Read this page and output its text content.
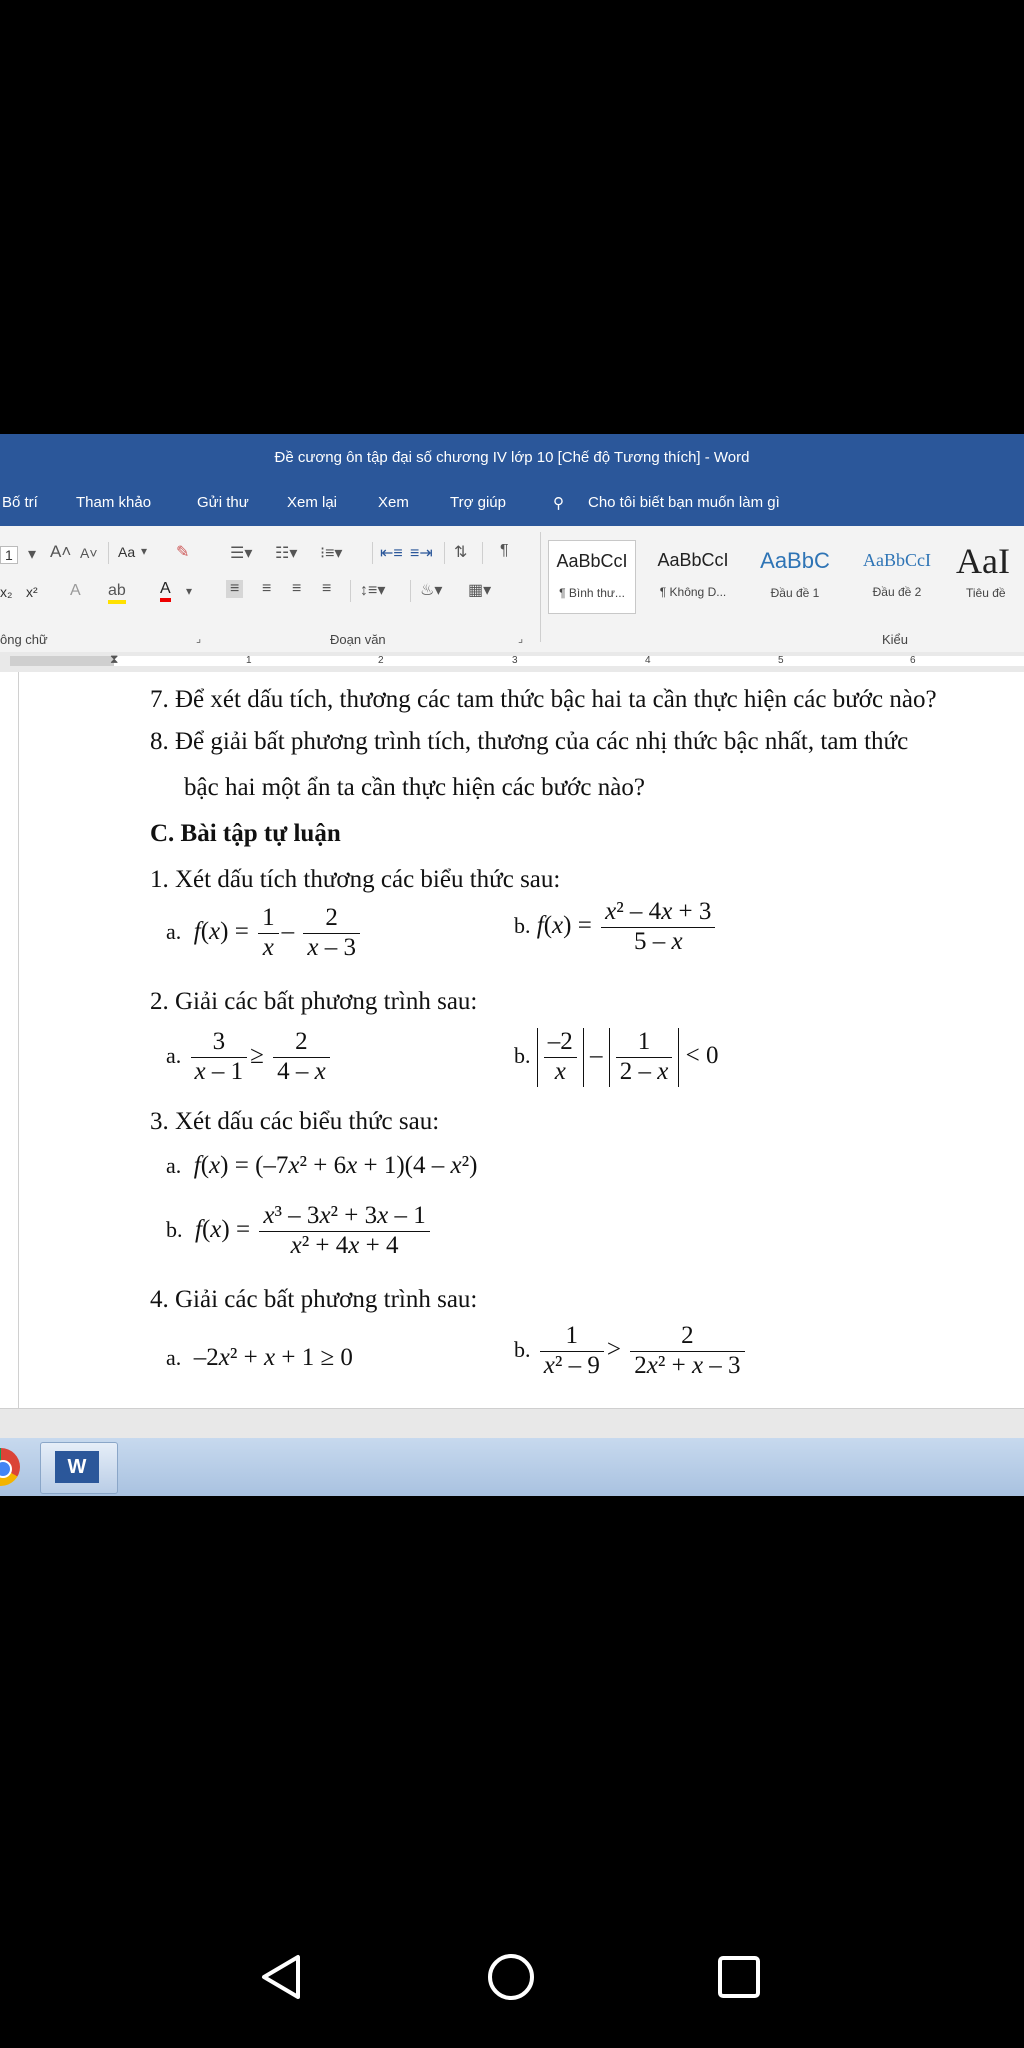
Đề cương ôn tập đại số chương IV lớp 10 [Chế độ Tương thích] - Word
Bố trí	Tham khảo	Gửi thư	Xem lại	Xem	Trợ giúp	⚲ Cho tôi biết bạn muốn làm gì
1 ▾ A˄ A˅ Aa ▾ ✎
x₂ x² A ab A ▾
☰▾ ☷▾ ⁝≡▾ ⇤≡ ≡⇥ ⇅ ¶
≡ ≡ ≡ ≡ ↕≡▾ ♨▾ ▦▾
AaBbCcI
¶ Bình thư...
AaBbCcI
¶ Không D...
AaBbC
Đầu đề 1
AaBbCcI
Đầu đề 2
AaI
Tiêu đề
ông chữ	⌟	Đoạn văn	⌟	Kiểu
1	2	3	4	5	6
⧗
7. Để xét dấu tích, thương các tam thức bậc hai ta cần thực hiện các bước nào?
8. Để giải bất phương trình tích, thương của các nhị thức bậc nhất, tam thức
bậc hai một ẩn ta cần thực hiện các bước nào?
C. Bài tập tự luận
1. Xét dấu tích thương các biểu thức sau:
a. $f(x) = \frac{1}{x} - \frac{2}{x - 3}$	b. $f(x) = \frac{\text{x² – 4x + 3}}{5 - x}$
2. Giải các bất phương trình sau:
a. $\frac{3}{x - 1} \ge \frac{2}{4 - x}$	b. $\frac{-2}{x} - \frac{1}{2 - x} < 0$
3. Xét dấu các biểu thức sau:
a. f(x) = (–7x² + 6x + 1)(4 – x²)
b. $f(x) = \frac{\text{x³ – 3x² + 3x – 1}}{\text{x² + 4x + 4}}$
4. Giải các bất phương trình sau:
a.  –2x² + x + 1 ≥ 0	b. $\frac{1}{\text{x² – 9}} > \frac{2}{\text{2x² + x – 3}}$
W
